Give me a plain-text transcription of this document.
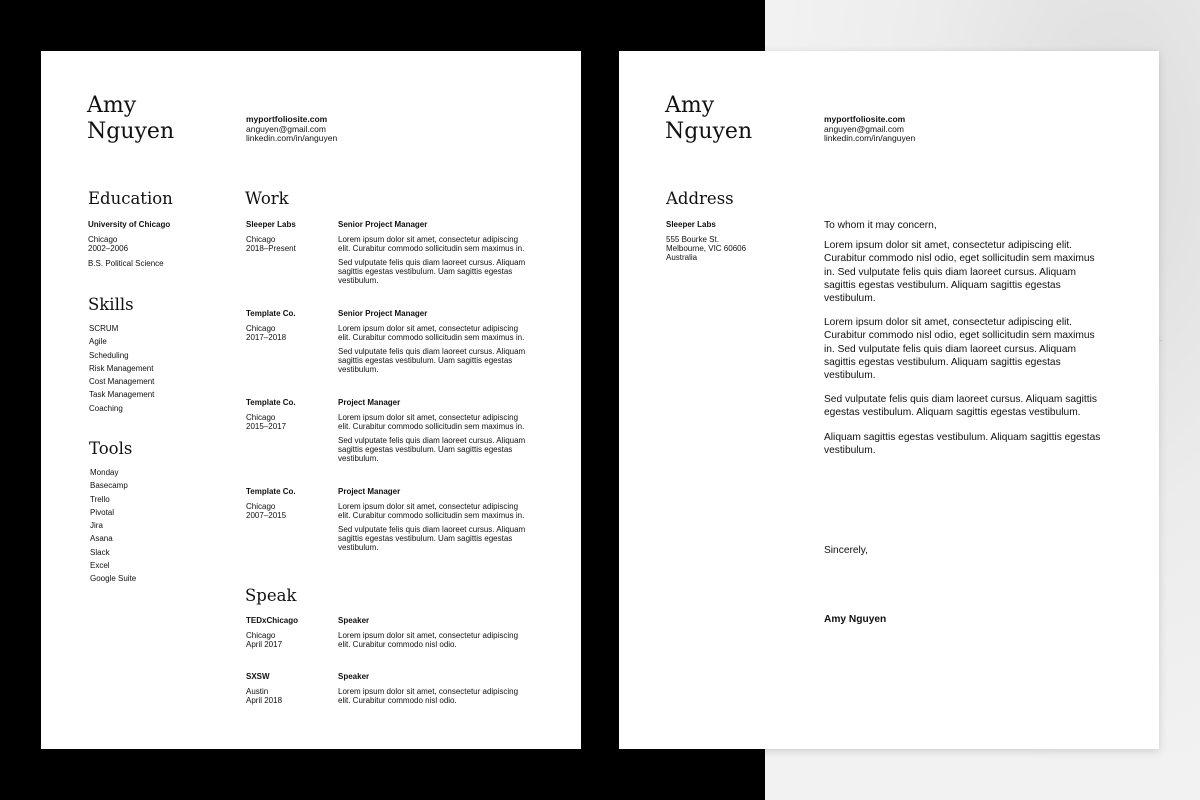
Amy
Nguyen	myportfoliosite.com
anguyen@gmail.com
linkedin.com/in/anguyen
Education
University of Chicago
Chicago
2002–2006
B.S. Political Science
Skills
SCRUM
Agile
Scheduling
Risk Management
Cost Management
Task Management
Coaching
Tools
Monday
Basecamp
Trello
Pivotal
Jira
Asana
Slack
Excel
Google Suite
Work
Sleeper Labs
Chicago
2018–Present
Senior Project Manager
Lorem ipsum dolor sit amet, consectetur adipiscing elit. Curabitur commodo sollicitudin sem maximus in.
Sed vulputate felis quis diam laoreet cursus. Aliquam sagittis egestas vestibulum. Uam sagittis egestas vestibulum.
Template Co.
Chicago
2017–2018
Senior Project Manager
Lorem ipsum dolor sit amet, consectetur adipiscing elit. Curabitur commodo sollicitudin sem maximus in.
Sed vulputate felis quis diam laoreet cursus. Aliquam sagittis egestas vestibulum. Uam sagittis egestas vestibulum.
Template Co.
Chicago
2015–2017
Project Manager
Lorem ipsum dolor sit amet, consectetur adipiscing elit. Curabitur commodo sollicitudin sem maximus in.
Sed vulputate felis quis diam laoreet cursus. Aliquam sagittis egestas vestibulum. Uam sagittis egestas vestibulum.
Template Co.
Chicago
2007–2015
Project Manager
Lorem ipsum dolor sit amet, consectetur adipiscing elit. Curabitur commodo sollicitudin sem maximus in.
Sed vulputate felis quis diam laoreet cursus. Aliquam sagittis egestas vestibulum. Uam sagittis egestas vestibulum.
Speak
TEDxChicago
Chicago
April 2017
Speaker
Lorem ipsum dolor sit amet, consectetur adipiscing elit. Curabitur commodo nisl odio.
SXSW
Austin
April 2018
Speaker
Lorem ipsum dolor sit amet, consectetur adipiscing elit. Curabitur commodo nisl odio.
Amy
Nguyen	myportfoliosite.com
anguyen@gmail.com
linkedin.com/in/anguyen
Address
Sleeper Labs
555 Bourke St.
Melbourne, VIC 60606
Australia
To whom it may concern,
Lorem ipsum dolor sit amet, consectetur adipiscing elit. Curabitur commodo nisl odio, eget sollicitudin sem maximus in. Sed vulputate felis quis diam laoreet cursus. Aliquam sagittis egestas vestibulum. Aliquam sagittis egestas vestibulum.
Lorem ipsum dolor sit amet, consectetur adipiscing elit. Curabitur commodo nisl odio, eget sollicitudin sem maximus in. Sed vulputate felis quis diam laoreet cursus. Aliquam sagittis egestas vestibulum. Aliquam sagittis egestas vestibulum.
Sed vulputate felis quis diam laoreet cursus. Aliquam sagittis egestas vestibulum. Aliquam sagittis egestas vestibulum.
Aliquam sagittis egestas vestibulum. Aliquam sagittis egestas vestibulum.
Sincerely,
Amy Nguyen
